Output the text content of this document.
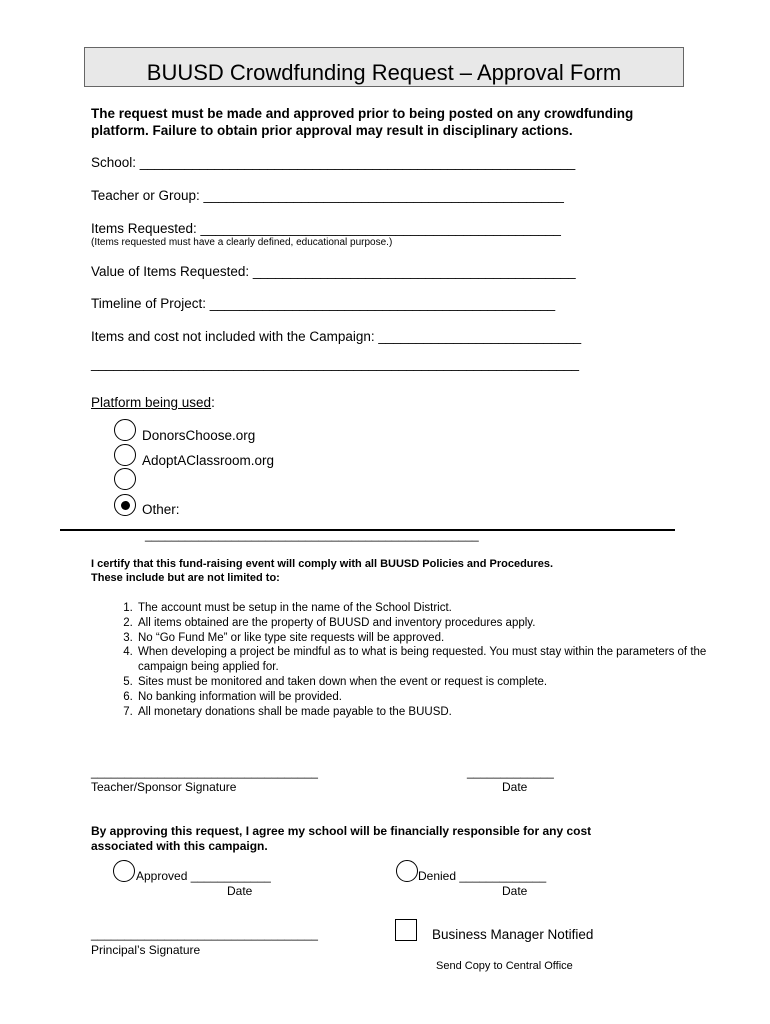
BUUSD Crowdfunding Request – Approval Form
The request must be made and approved prior to being posted on any crowdfunding
platform. Failure to obtain prior approval may result in disciplinary actions.
School: __________________________________________________________
Teacher or Group: ________________________________________________
Items Requested: ________________________________________________
(Items requested must have a clearly defined, educational purpose.)
Value of Items Requested: ___________________________________________
Timeline of Project: ______________________________________________
Items and cost not included with the Campaign: ___________________________
_________________________________________________________________
Platform being used:
DonorsChoose.org
AdoptAClassroom.org
Other:
__________________________________________________
I certify that this fund-raising event will comply with all BUUSD Policies and Procedures.
These include but are not limited to:
1. The account must be setup in the name of the School District.
2. All items obtained are the property of BUUSD and inventory procedures apply.
3. No “Go Fund Me” or like type site requests will be approved.
4. When developing a project be mindful as to what is being requested. You must stay within the parameters of the campaign being applied for.
5. Sites must be monitored and taken down when the event or request is complete.
6. No banking information will be provided.
7. All monetary donations shall be made payable to the BUUSD.
__________________________________
Teacher/Sponsor Signature
_____________
Date
By approving this request, I agree my school will be financially responsible for any cost
associated with this campaign.
Approved ____________
Date
Denied _____________
Date
__________________________________
Principal’s Signature
Business Manager Notified
Send Copy to Central Office
